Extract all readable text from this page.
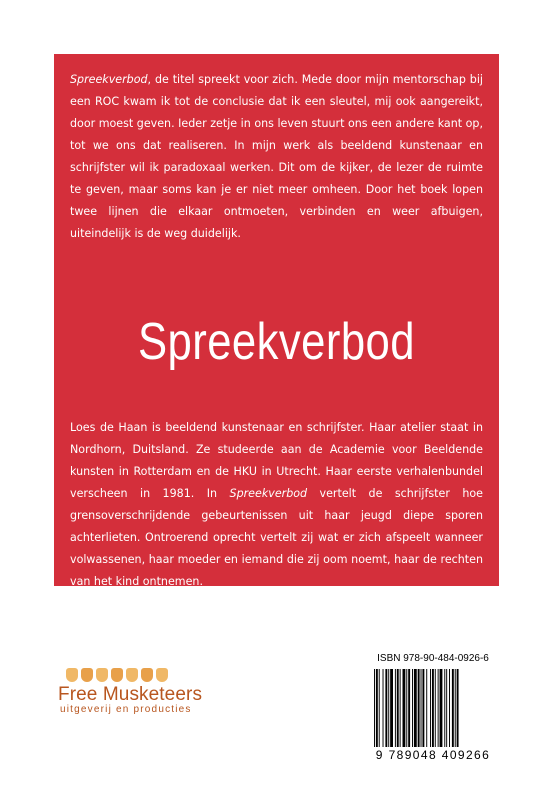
Spreekverbod, de titel spreekt voor zich. Mede door mijn mentorschap bij een ROC kwam ik tot de conclusie dat ik een sleutel, mij ook aangereikt, door moest geven. Ieder zetje in ons leven stuurt ons een andere kant op, tot we ons dat realiseren. In mijn werk als beeldend kunstenaar en schrijfster wil ik paradoxaal werken. Dit om de kijker, de lezer de ruimte te geven, maar soms kan je er niet meer omheen. Door het boek lopen twee lijnen die elkaar ontmoeten, verbinden en weer afbuigen, uiteindelijk is de weg duidelijk.

Spreekverbod

Loes de Haan is beeldend kunstenaar en schrijfster. Haar atelier staat in Nordhorn, Duitsland. Ze studeerde aan de Academie voor Beeldende kunsten in Rotterdam en de HKU in Utrecht. Haar eerste verhalenbundel verscheen in 1981. In Spreekverbod vertelt de schrijfster hoe grensoverschrijdende gebeurtenissen uit haar jeugd diepe sporen achterlieten. Ontroerend oprecht vertelt zij wat er zich afspeelt wanneer volwassenen, haar moeder en iemand die zij oom noemt, haar de rechten van het kind ontnemen.

Free Musketeers
uitgeverij en producties

ISBN 978-90-484-0926-6

9 789048 409266
